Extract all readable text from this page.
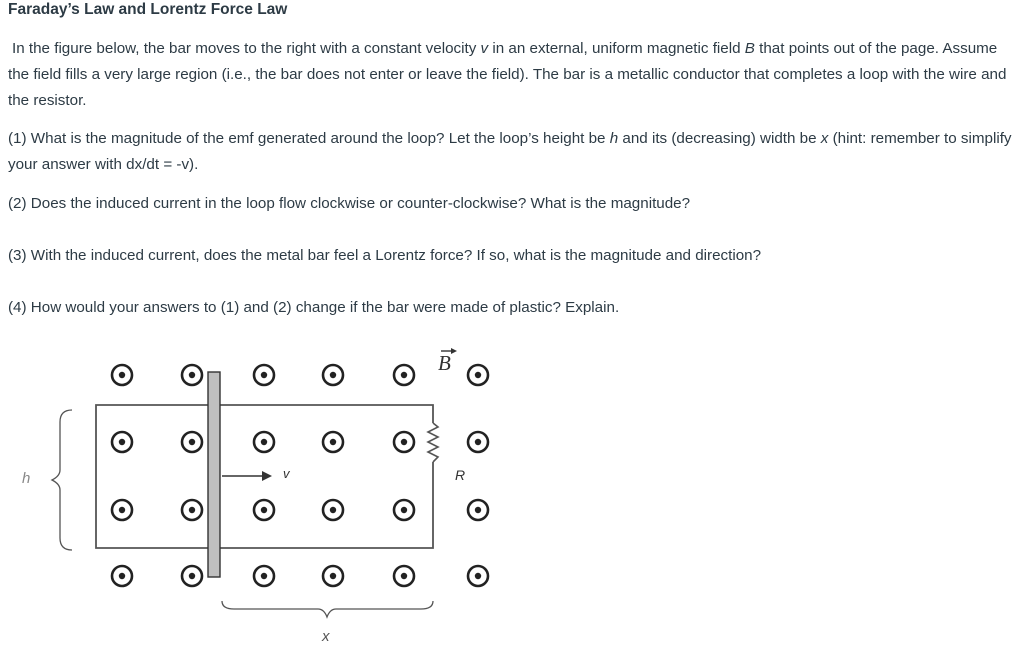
Faraday’s Law and Lorentz Force Law
In the figure below, the bar moves to the right with a constant velocity v in an external, uniform magnetic field B that points out of the page. Assume the field fills a very large region (i.e., the bar does not enter or leave the field). The bar is a metallic conductor that completes a loop with the wire and the resistor.
(1) What is the magnitude of the emf generated around the loop? Let the loop’s height be h and its (decreasing) width be x (hint: remember to simplify your answer with dx/dt = -v).
(2) Does the induced current in the loop flow clockwise or counter-clockwise? What is the magnitude?
(3) With the induced current, does the metal bar feel a Lorentz force? If so, what is the magnitude and direction?
(4) How would your answers to (1) and (2) change if the bar were made of plastic? Explain.
v	R
B
h
x
